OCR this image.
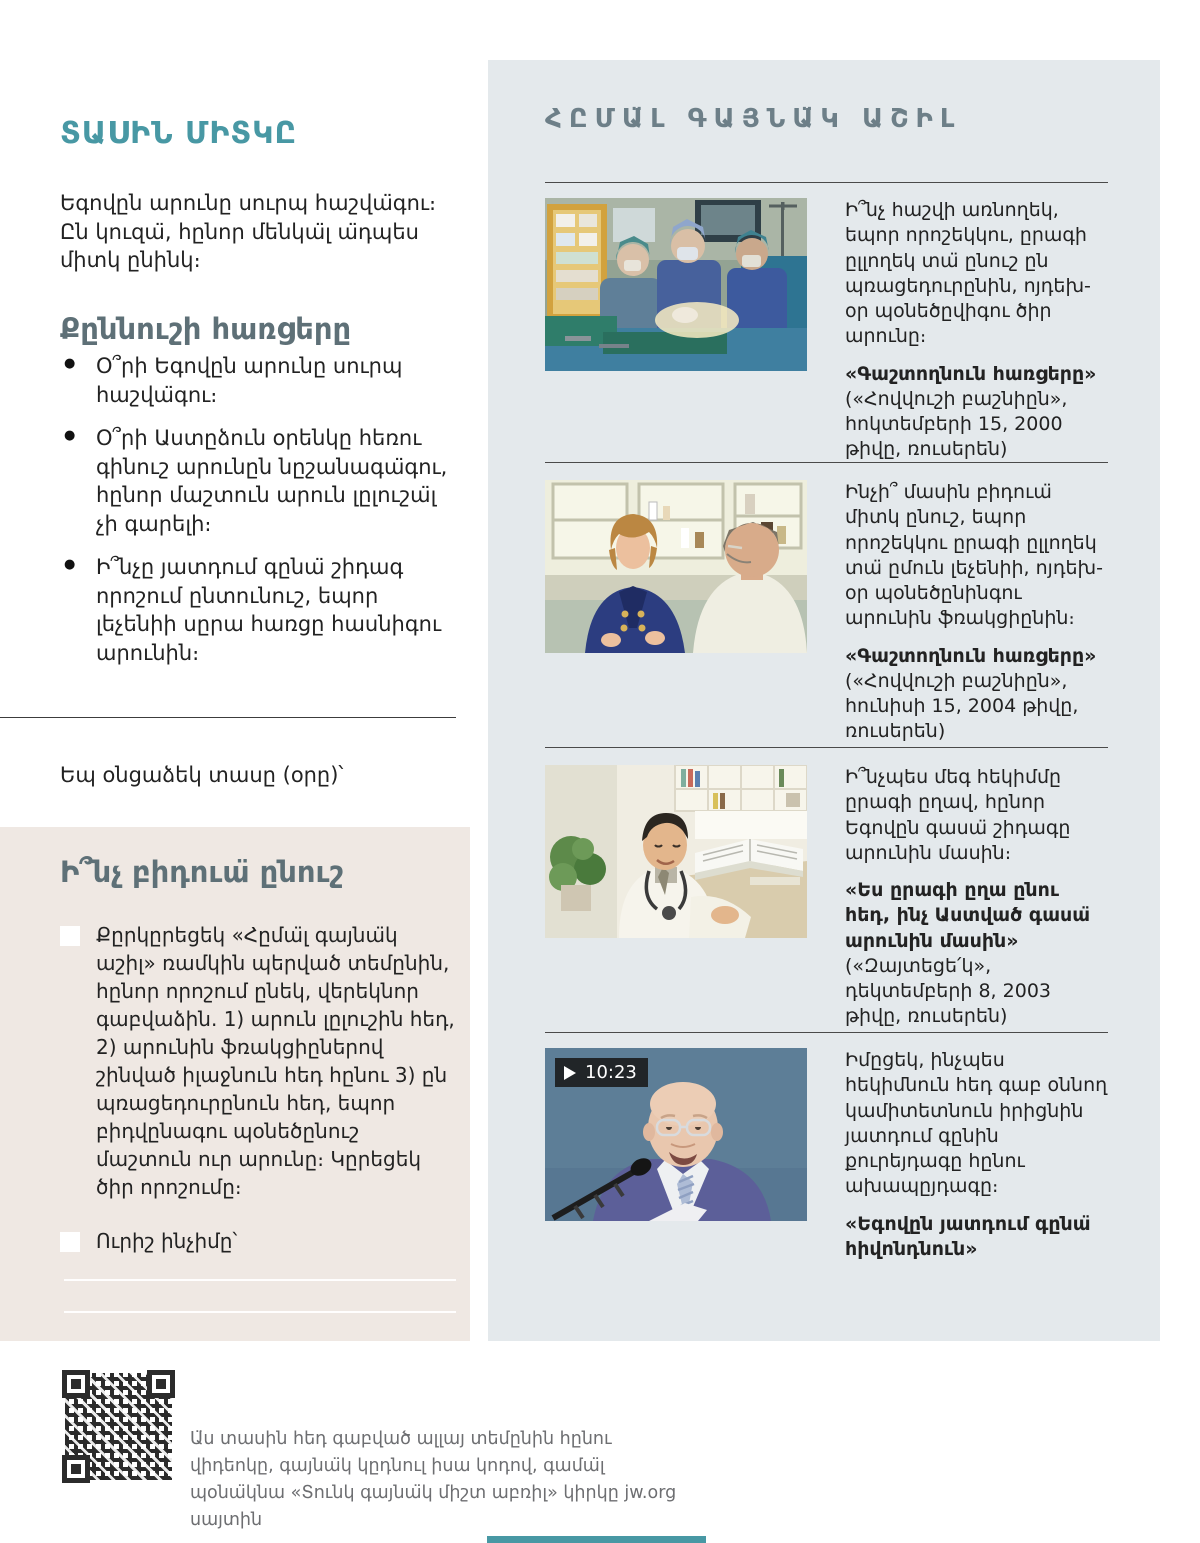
ՏԱՍԻՆ ՄԻՏԿԸ

Եգովըն արունը սուրպ հաշվա̈գու։ Ըն կուզա̈, հընոր մենկա̈լ ա̈դպես միտկ ընինկ։

Քըննուշի հառցերը
● Օ՞րի Եգովըն արունը սուրպ հաշվա̈գու։
● Օ՞րի Աստըձուն օրենկը հեռու գինուշ արունըն նըշանագա̈գու, հընոր մաշտուն արուն լըլուշա̈լ չի գարելի։
● Ի՞նչը յատդում գընա̈ շիդագ որոշում ընտունուշ, եպոր լեչենիի սըրա հառցը հասնիգու արունին։

Եպ օնցաձեկ տասը (օրը)՝

Ի՞նչ բիդուա̈ ընուշ
Քըրկըրեցեկ «Հըմա̈լ գայնա̈կ աշիլ» ռամկին պերված տեմընին, հընոր որոշում ընեկ, վերեկնոր գաբվաձին. 1) արուն լըլուշին հեդ, 2) արունին ֆռակցիըներով շինված իլաջնուն հեդ հընու 3) ըն պռացեդուրընուն հեդ, եպոր բիդվընագու պօնեծընուշ մաշտուն ուր արունը։ Կըրեցեկ ծիր որոշումը։
Ուրիշ ինչիմը՝

Ա̈ս տասին հեդ գաբված ալլայ տեմընին հընու վիդեոկը, գայնա̈կ կըդնուլ իսա կոդով, գամա̈լ պօնա̈կնա «Տունկ գայնա̈կ միշտ աբռիլ» կիրկը jw.org սայտին

ՀԸՄԱ̈Լ ԳԱՅՆԱ̈Կ ԱՇԻԼ

Ի՞նչ հաշվի առնողեկ, եպոր որոշեկկու, ըրագի ըլլողեկ տա̈ ընուշ ըն պռացեդուրընին, ոյդեխ-օր պօնեծըվիգու ծիր արունը։

«Գաշտողնուն հառցերը» («Հովվուշի բաշնիըն», հոկտեմբերի 15, 2000 թիվը, ռուսերեն)

Ինչի՞ մասին բիդուա̈ միտկ ընուշ, եպոր որոշեկկու ըրագի ըլլողեկ տա̈ ըմուն լեչենիի, ոյդեխ-օր պօնեծընինգու արունին ֆռակցիընին։

«Գաշտողնուն հառցերը» («Հովվուշի բաշնիըն», հունիսի 15, 2004 թիվը, ռուսերեն)

Ի՞նչպես մեգ հեկիմմը ըրագի ըղավ, հընոր Եգովըն գասա̈ շիդագը արունին մասին։

«Ես ըրագի ըղա ընու հեդ, ինչ Աստված գասա̈ արունին մասին» («Զայտեցե՛կ», դեկտեմբերի 8, 2003 թիվը, ռուսերեն)

10:23

Իմըցեկ, ինչպես հեկիմնուն հեդ գաբ օննող կամիտետնուն իրիցնին յատդում գընին քուրեյդագը հընու ախապըյդագը։

«Եգովըն յատդում գընա̈ հիվոնդնուն»
